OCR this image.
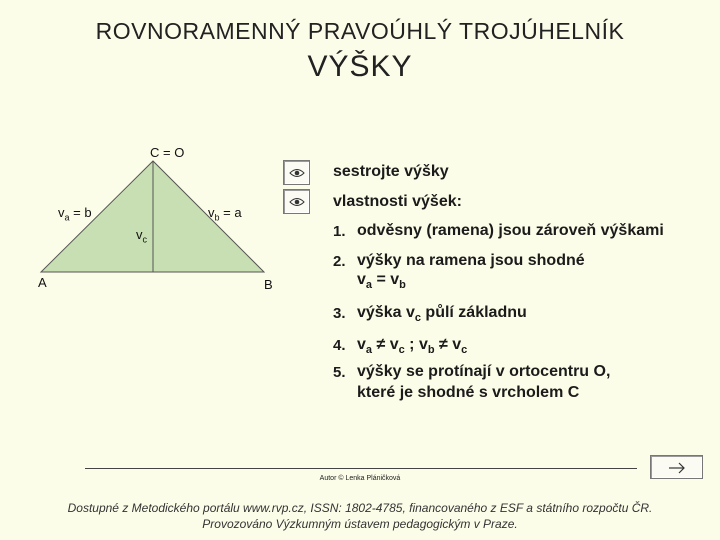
ROVNORAMENNÝ PRAVOÚHLÝ TROJÚHELNÍK
VÝŠKY
C = O
A	B
$v_a = b$	$v_b = a$
$v_c$
sestrojte výšky
vlastnosti výšek:
1. odvěsny (ramena) jsou zároveň výškami
2. výšky na ramena jsou shodné
$v_a = v_b$
3. výška $v_c$ půlí základnu
4. $v_a \ne v_c$ ; $v_b \ne v_c$
5. výšky se protínají v ortocentru O,
které je shodné s vrcholem C
Autor © Lenka Pláničková
Dostupné z Metodického portálu www.rvp.cz, ISSN: 1802-4785, financovaného z ESF a státního rozpočtu ČR.
Provozováno Výzkumným ústavem pedagogickým v Praze.
